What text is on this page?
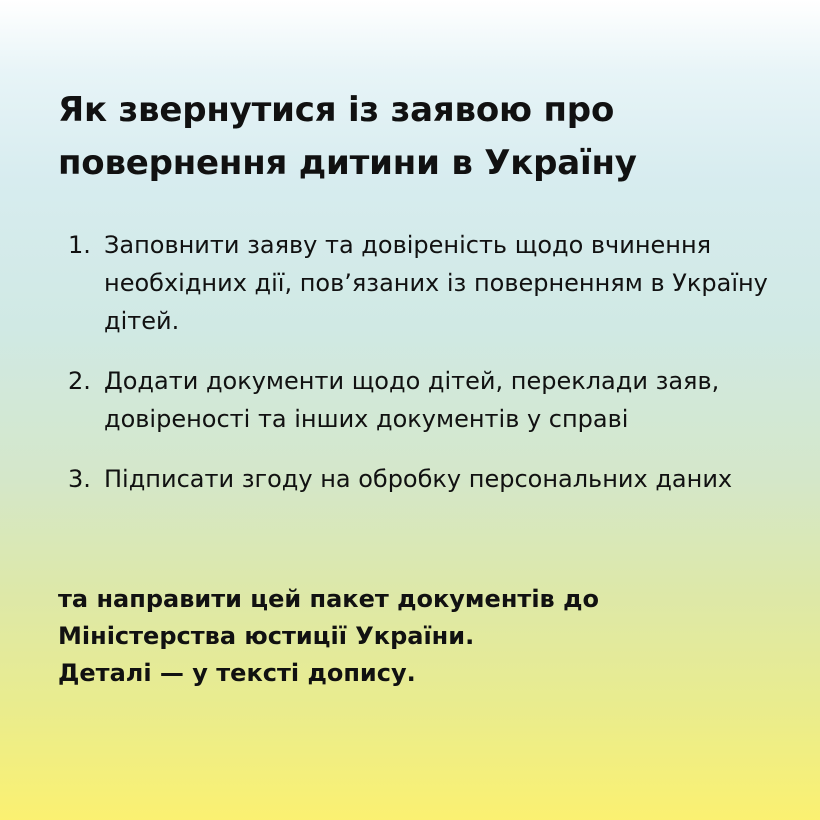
Як звернутися із заявою про повернення дитини в Україну
1. Заповнити заяву та довіреність щодо вчинення необхідних дії, пов’язаних із поверненням в Україну дітей.
2. Додати документи щодо дітей, переклади заяв, довіреності та інших документів у справі
3. Підписати згоду на обробку персональних даних

та направити цей пакет документів до
Міністерства юстиції України.
Деталі — у тексті допису.
